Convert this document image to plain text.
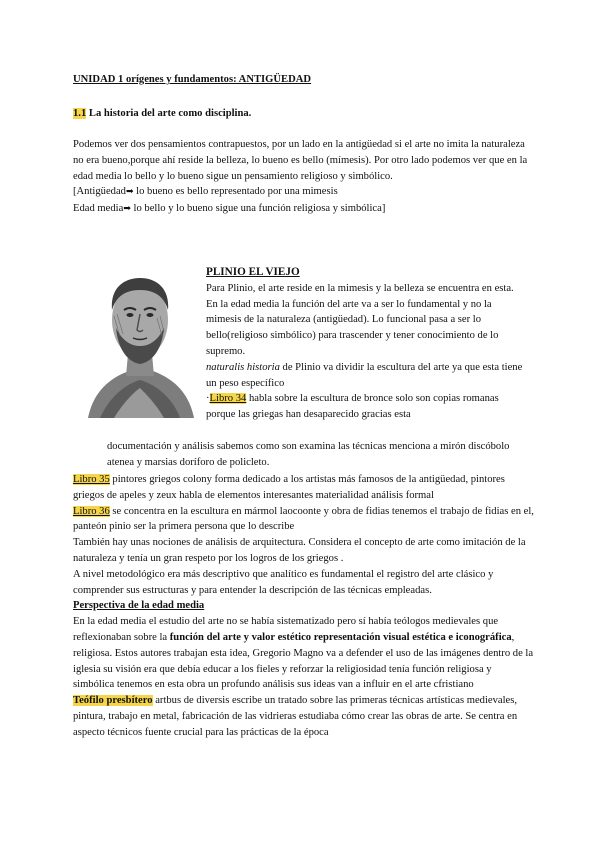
UNIDAD 1 orígenes y fundamentos: ANTIGÜEDAD
1.1 La historia del arte como disciplina.

Podemos ver dos pensamientos contrapuestos, por un lado en la antigüedad si el arte no imita la naturaleza no era bueno,porque ahí reside la belleza, lo bueno es bello (mímesis). Por otro lado podemos ver que en la edad media lo bello y lo bueno sigue un pensamiento religioso y simbólico.

[Antigüedad➡ lo bueno es bello representado por una mimesis

Edad media➡ lo bello y lo bueno sigue una función religiosa y simbólica]

PLINIO EL VIEJO

Para Plinio, el arte reside en la mimesis y la belleza se encuentra en esta.

En la edad media la función del arte va a ser lo fundamental y no la mimesis de la naturaleza (antigüedad). Lo funcional pasa a ser lo bello(religioso simbólico) para trascender y tener conocimiento de lo supremo.

naturalis historia de Plinio va dividir la escultura del arte ya que esta tiene un peso específico

·Libro 34 habla sobre la escultura de bronce solo son copias romanas porque las griegas han desaparecido gracias esta

documentación y análisis sabemos como son examina las técnicas menciona a mirón discóbolo atenea y marsias doríforo de policleto.

Libro 35 pintores griegos colony forma dedicado a los artistas más famosos de la antigüedad, pintores griegos de apeles y zeux habla de elementos interesantes materialidad análisis formal

Libro 36 se concentra en la escultura en mármol laocoonte y obra de fidias tenemos el trabajo de fidias en el, panteón pinio ser la primera persona que lo describe

También hay unas nociones de análisis de arquitectura. Considera el concepto de arte como imitación de la naturaleza y tenía un gran respeto por los logros de los griegos .

A nivel metodológico era más descriptivo que analítico es fundamental el registro del arte clásico y comprender sus estructuras y para entender la descripción de las técnicas empleadas.

Perspectiva de la edad media

En la edad media el estudio del arte no se había sistematizado pero sí había teólogos medievales que reflexionaban sobre la función del arte y valor estético representación visual estética e iconográfica, religiosa. Estos autores trabajan esta idea, Gregorio Magno va a defender el uso de las imágenes dentro de la iglesia su visión era que debía educar a los fieles y reforzar la religiosidad tenía función religiosa y simbólica tenemos en esta obra un profundo análisis sus ideas van a influir en el arte cfristiano

Teófilo presbítero artbus de diversis escribe un tratado sobre las primeras técnicas artísticas medievales, pintura, trabajo en metal, fabricación de las vidrieras estudiaba cómo crear las obras de arte. Se centra en aspecto técnicos fuente crucial para las prácticas de la época
